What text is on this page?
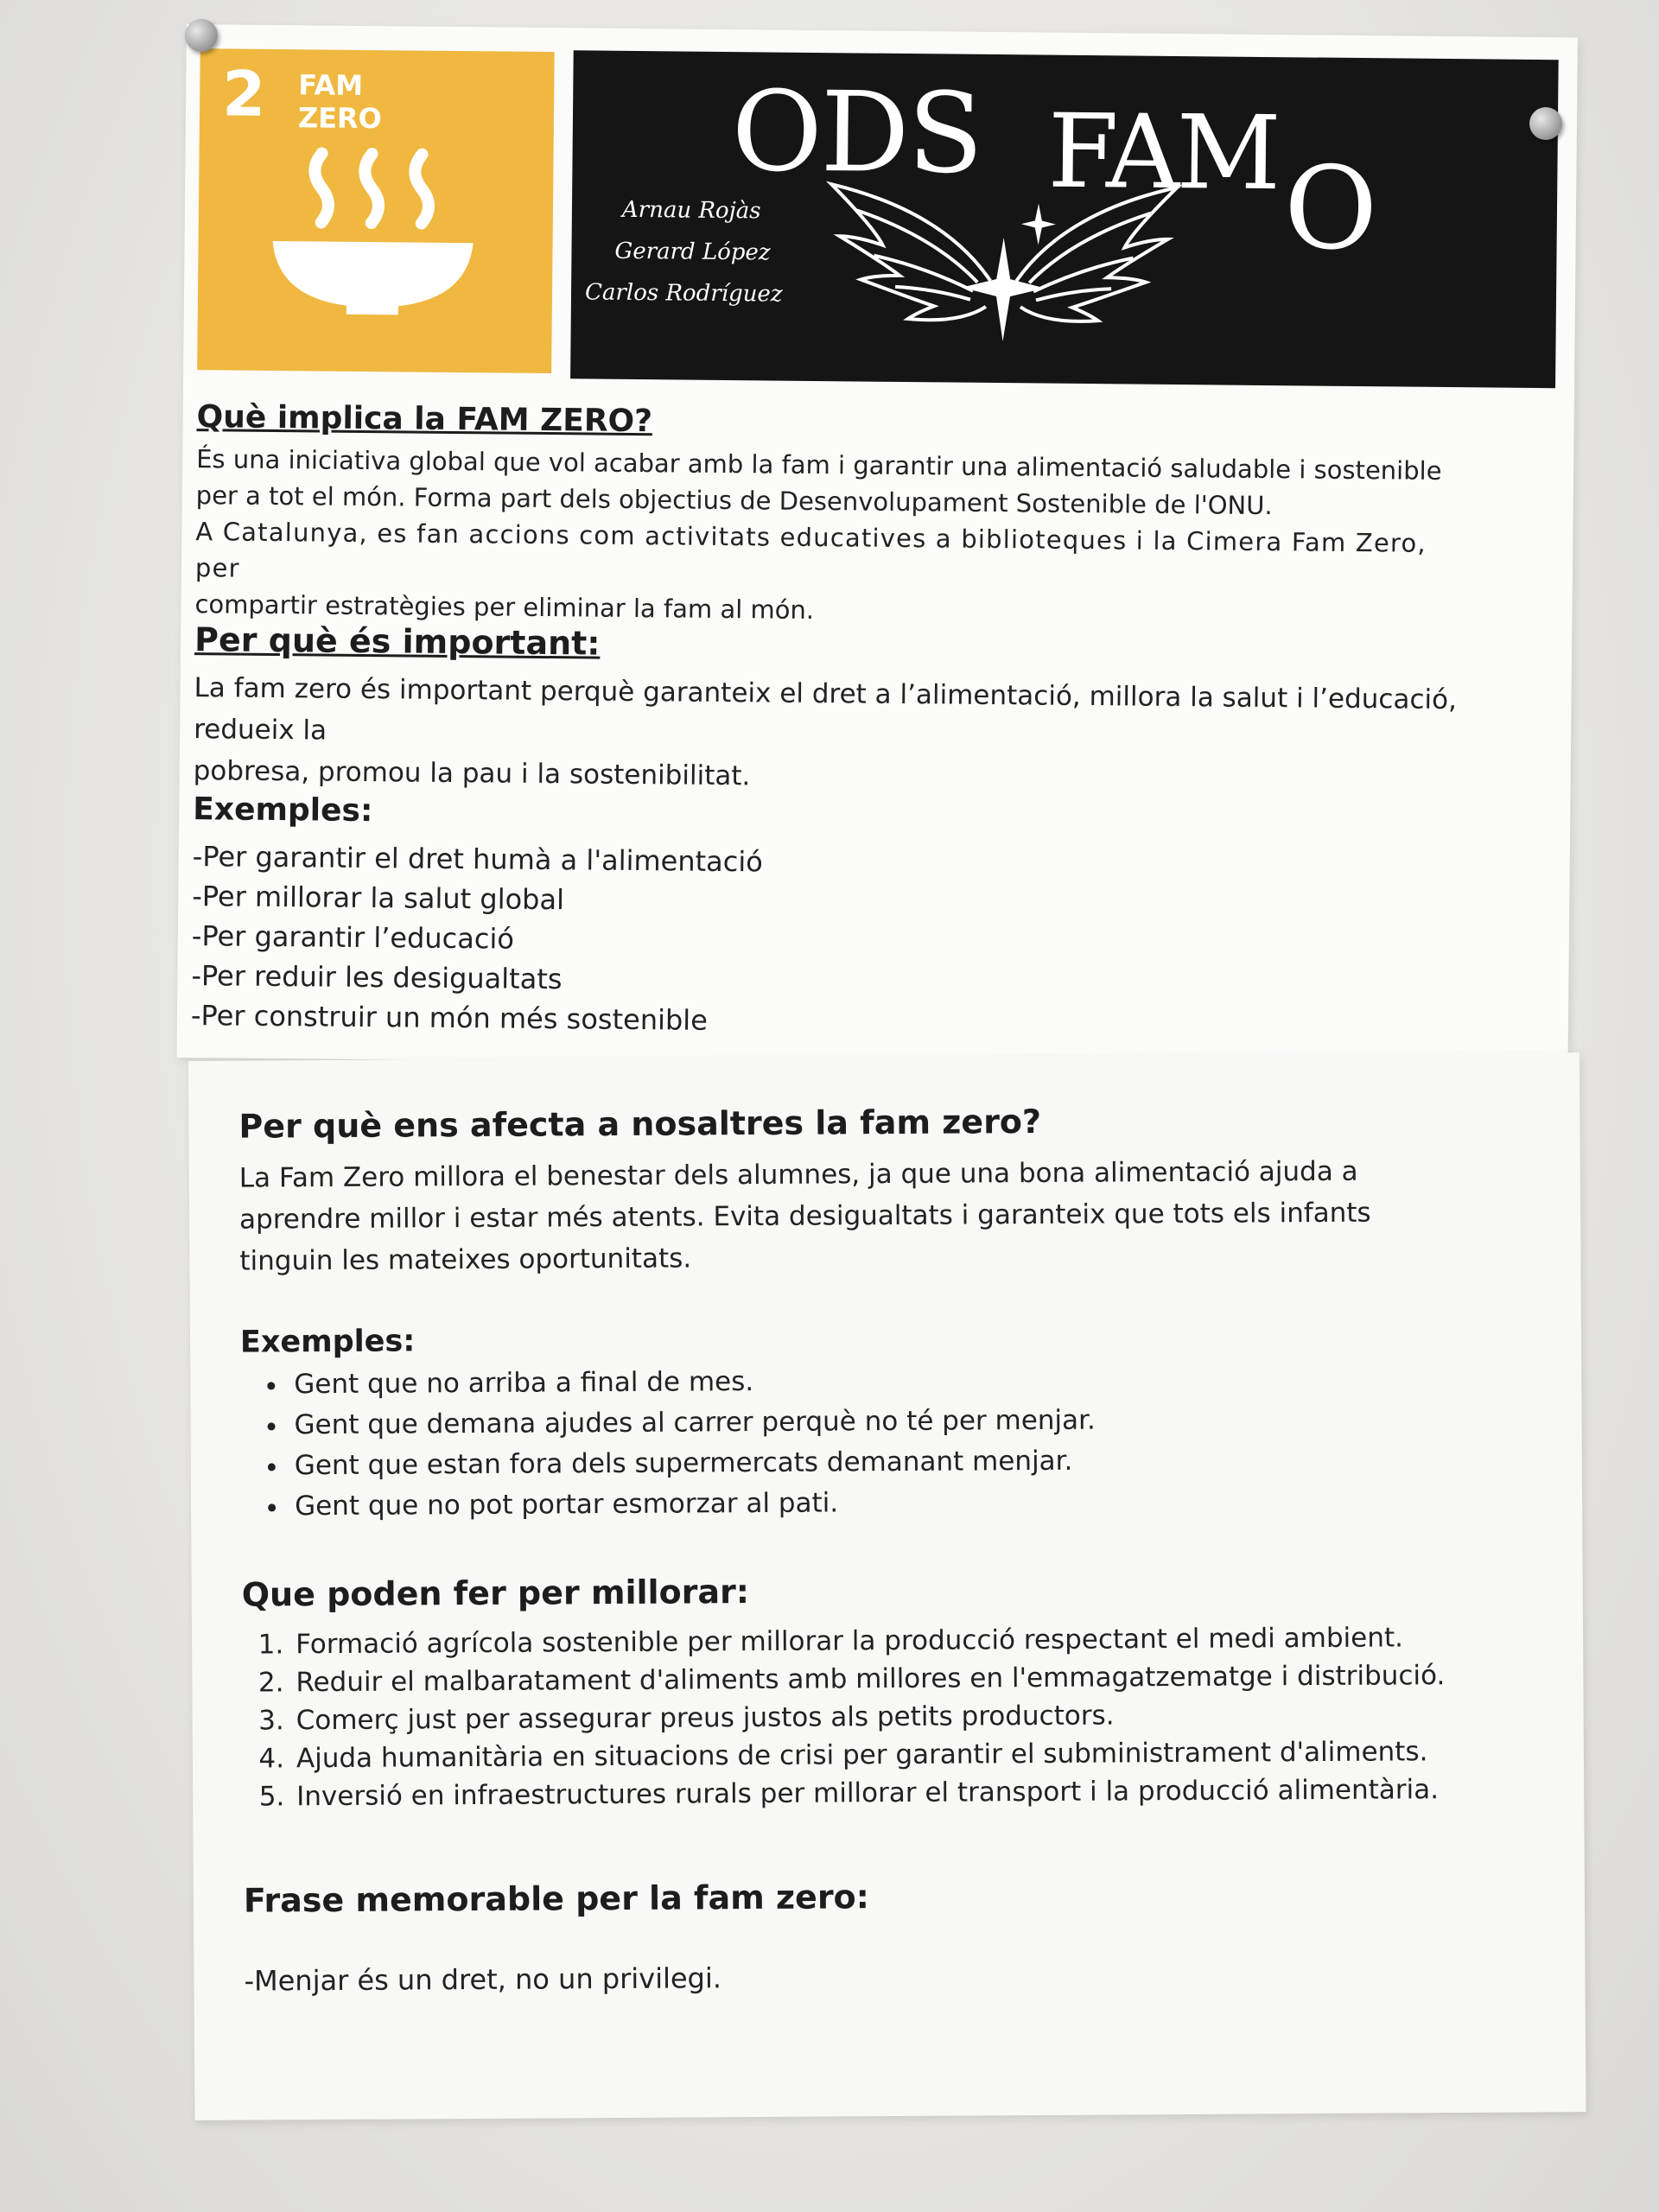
2 FAM
ZERO	ODS FAM O
Arnau Rojàs
Gerard López
Carlos Rodríguez
Què implica la FAM ZERO?
És una iniciativa global que vol acabar amb la fam i garantir una alimentació saludable i sostenible
per a tot el món. Forma part dels objectius de Desenvolupament Sostenible de l'ONU.
A Catalunya, es fan accions com activitats educatives a biblioteques i la Cimera Fam Zero, per
compartir estratègies per eliminar la fam al món.
Per què és important:
La fam zero és important perquè garanteix el dret a l’alimentació, millora la salut i l’educació, redueix la
pobresa, promou la pau i la sostenibilitat.
Exemples:
-Per garantir el dret humà a l'alimentació
-Per millorar la salut global
-Per garantir l’educació
-Per reduir les desigualtats
-Per construir un món més sostenible
Per què ens afecta a nosaltres la fam zero?
La Fam Zero millora el benestar dels alumnes, ja que una bona alimentació ajuda a
aprendre millor i estar més atents. Evita desigualtats i garanteix que tots els infants
tinguin les mateixes oportunitats.
Exemples:
• Gent que no arriba a final de mes.
• Gent que demana ajudes al carrer perquè no té per menjar.
• Gent que estan fora dels supermercats demanant menjar.
• Gent que no pot portar esmorzar al pati.
Que poden fer per millorar:
1. Formació agrícola sostenible per millorar la producció respectant el medi ambient.
2. Reduir el malbaratament d'aliments amb millores en l'emmagatzematge i distribució.
3. Comerç just per assegurar preus justos als petits productors.
4. Ajuda humanitària en situacions de crisi per garantir el subministrament d'aliments.
5. Inversió en infraestructures rurals per millorar el transport i la producció alimentària.
Frase memorable per la fam zero:
-Menjar és un dret, no un privilegi.
